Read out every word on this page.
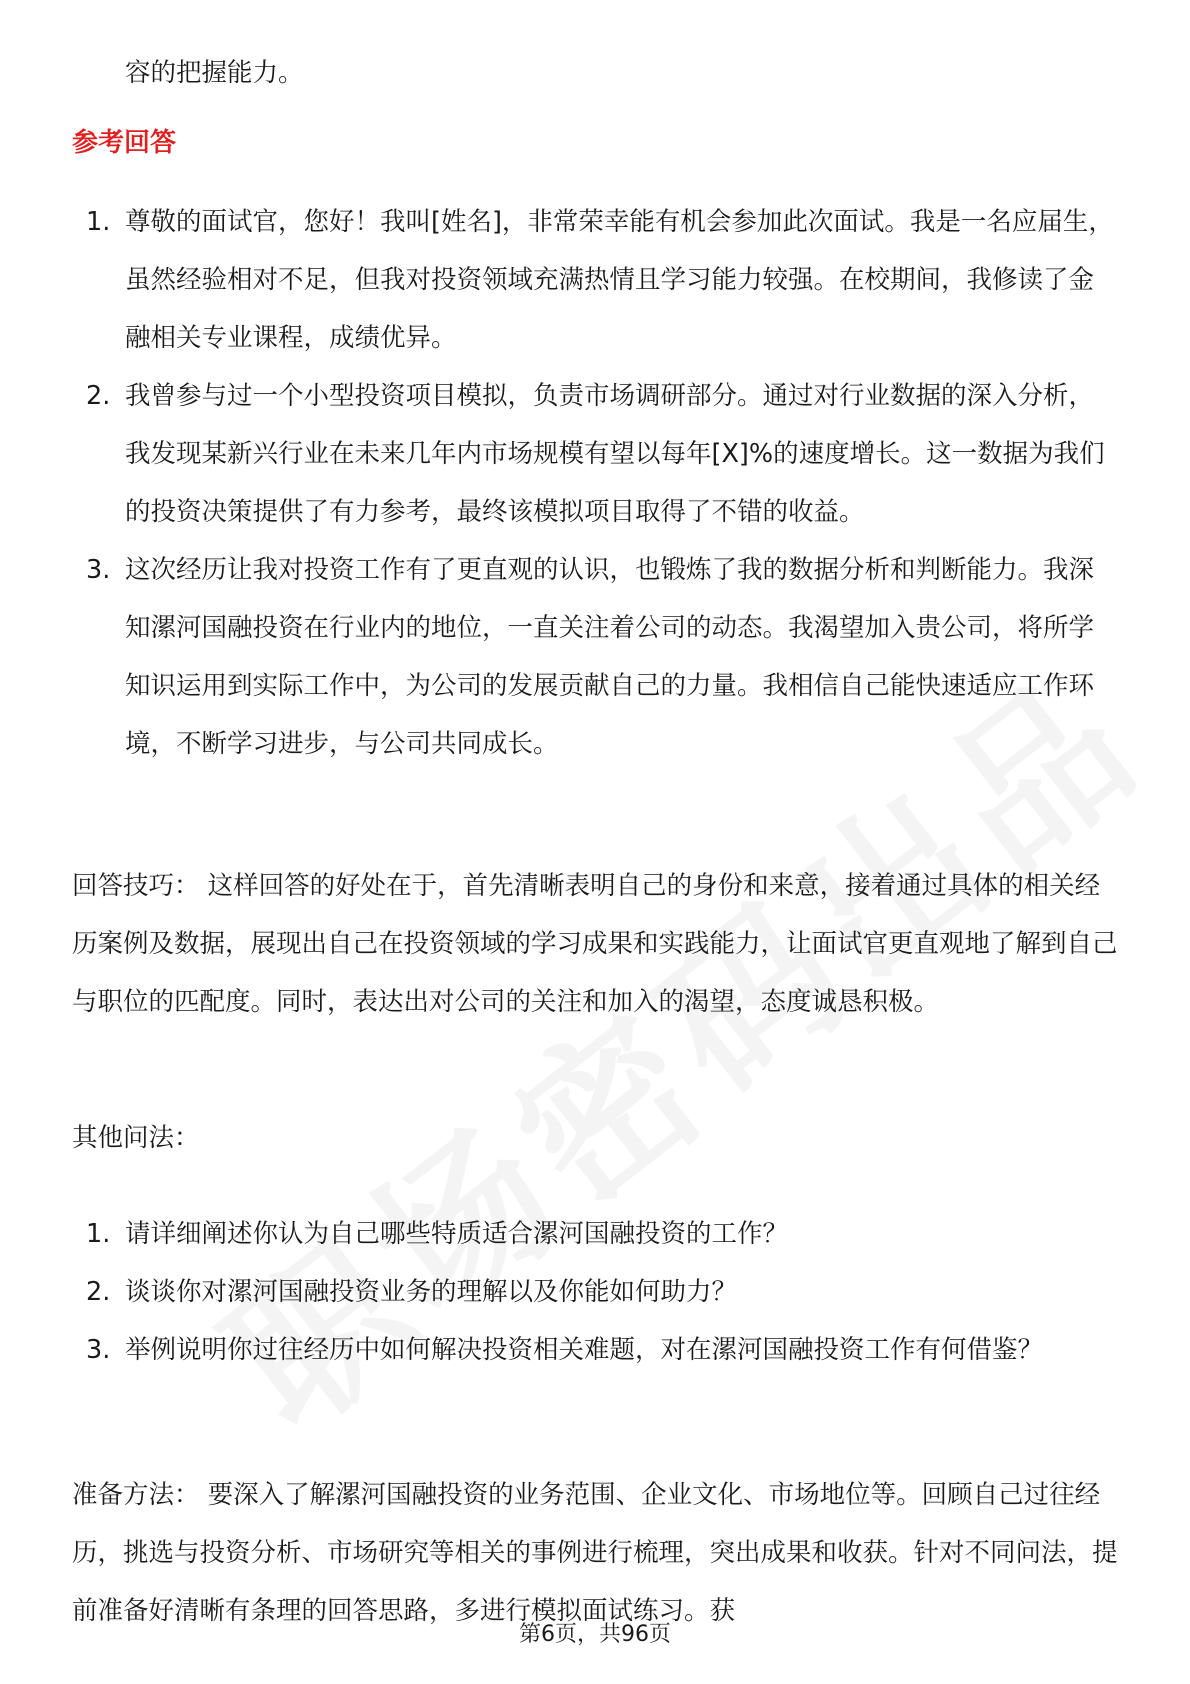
容的把握能力。

参考回答
1. 尊敬的面试官，您好！我叫[姓名]，非常荣幸能有机会参加此次面试。我是一名应届生，虽然经验相对不足，但我对投资领域充满热情且学习能力较强。在校期间，我修读了金融相关专业课程，成绩优异。
2. 我曾参与过一个小型投资项目模拟，负责市场调研部分。通过对行业数据的深入分析，我发现某新兴行业在未来几年内市场规模有望以每年[X]%的速度增长。这一数据为我们的投资决策提供了有力参考，最终该模拟项目取得了不错的收益。
3. 这次经历让我对投资工作有了更直观的认识，也锻炼了我的数据分析和判断能力。我深知漯河国融投资在行业内的地位，一直关注着公司的动态。我渴望加入贵公司，将所学知识运用到实际工作中，为公司的发展贡献自己的力量。我相信自己能快速适应工作环境，不断学习进步，与公司共同成长。

回答技巧： 这样回答的好处在于，首先清晰表明自己的身份和来意，接着通过具体的相关经历案例及数据，展现出自己在投资领域的学习成果和实践能力，让面试官更直观地了解到自己与职位的匹配度。同时，表达出对公司的关注和加入的渴望，态度诚恳积极。

其他问法：

1. 请详细阐述你认为自己哪些特质适合漯河国融投资的工作？
2. 谈谈你对漯河国融投资业务的理解以及你能如何助力？
3. 举例说明你过往经历中如何解决投资相关难题，对在漯河国融投资工作有何借鉴？

准备方法： 要深入了解漯河国融投资的业务范围、企业文化、市场地位等。回顾自己过往经历，挑选与投资分析、市场研究等相关的事例进行梳理，突出成果和收获。针对不同问法，提前准备好清晰有条理的回答思路，多进行模拟面试练习。获

第6页，共96页
